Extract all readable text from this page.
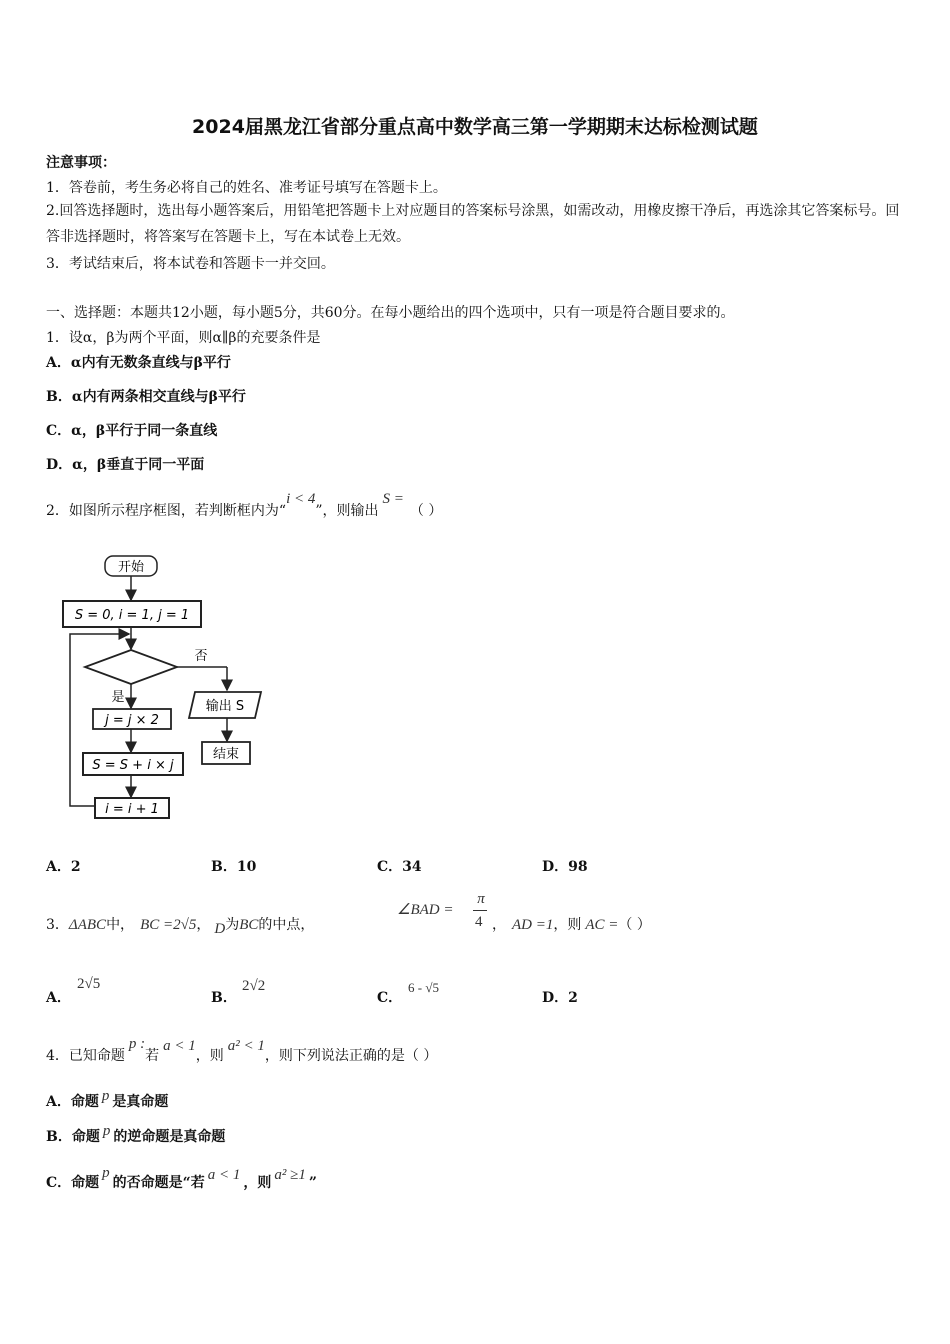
2024届黑龙江省部分重点高中数学高三第一学期期末达标检测试题
注意事项：
1．答卷前，考生务必将自己的姓名、准考证号填写在答题卡上。
2.回答选择题时，选出每小题答案后，用铅笔把答题卡上对应题目的答案标号涂黑，如需改动，用橡皮擦干净后，再选涂其它答案标号。回答非选择题时，将答案写在答题卡上，写在本试卷上无效。
3．考试结束后，将本试卷和答题卡一并交回。
一、选择题：本题共12小题，每小题5分，共60分。在每小题给出的四个选项中，只有一项是符合题目要求的。
1．设α，β为两个平面，则α∥β的充要条件是
A．α内有无数条直线与β平行
B．α内有两条相交直线与β平行
C．α，β平行于同一条直线
D．α，β垂直于同一平面
2．如图所示程序框图，若判断框内为“i < 4”，则输出S =（ ）
开始
S = 0, i = 1, j = 1
否
输出 S
结束
是
j = j × 2
S = S + i × j
i = i + 1
A．2	B．10	C．34	D．98
3．ΔABC中， BC =2√5， D为BC的中点，
∠BAD =
π
4 ， AD =1，则 AC =（ ）
A．
2√5
B．
2√2
C．
6 - √5
D．2
4．已知命题p :若a < 1，则a² < 1，则下列说法正确的是（ ）
A．命题 p 是真命题
B．命题 p 的逆命题是真命题
C．命题p的否命题是“若 a < 1 ，则 a² ≥1 ”
